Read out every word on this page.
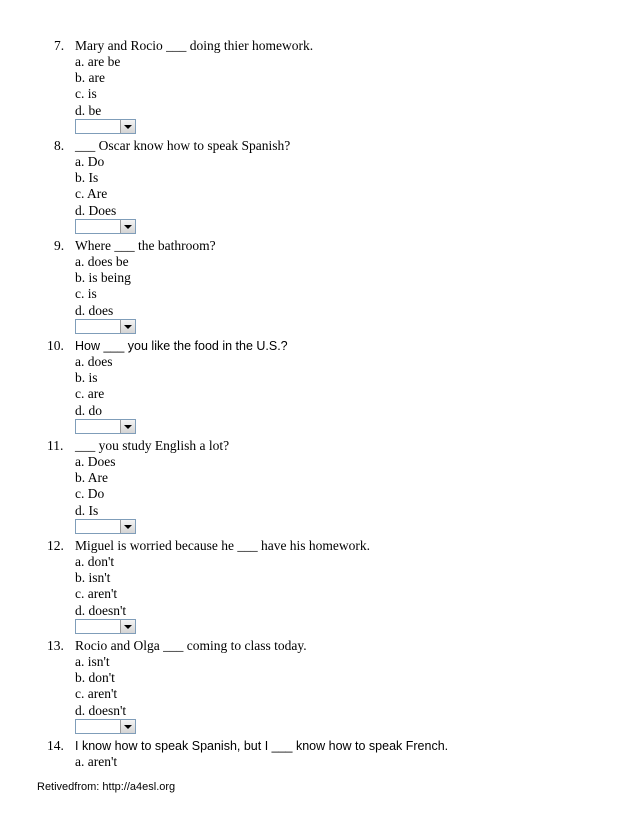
7. Mary and Rocio ___ doing thier homework.
a. are be
b. are
c. is
d. be
8. ___ Oscar know how to speak Spanish?
a. Do
b. Is
c. Are
d. Does
9. Where ___ the bathroom?
a. does be
b. is being
c. is
d. does
10. How ___ you like the food in the U.S.?
a. does
b. is
c. are
d. do
11. ___ you study English a lot?
a. Does
b. Are
c. Do
d. Is
12. Miguel is worried because he ___ have his homework.
a. don't
b. isn't
c. aren't
d. doesn't
13. Rocio and Olga ___ coming to class today.
a. isn't
b. don't
c. aren't
d. doesn't
14. I know how to speak Spanish, but I ___ know how to speak French.
a. aren't
Retivedfrom: http://a4esl.org
